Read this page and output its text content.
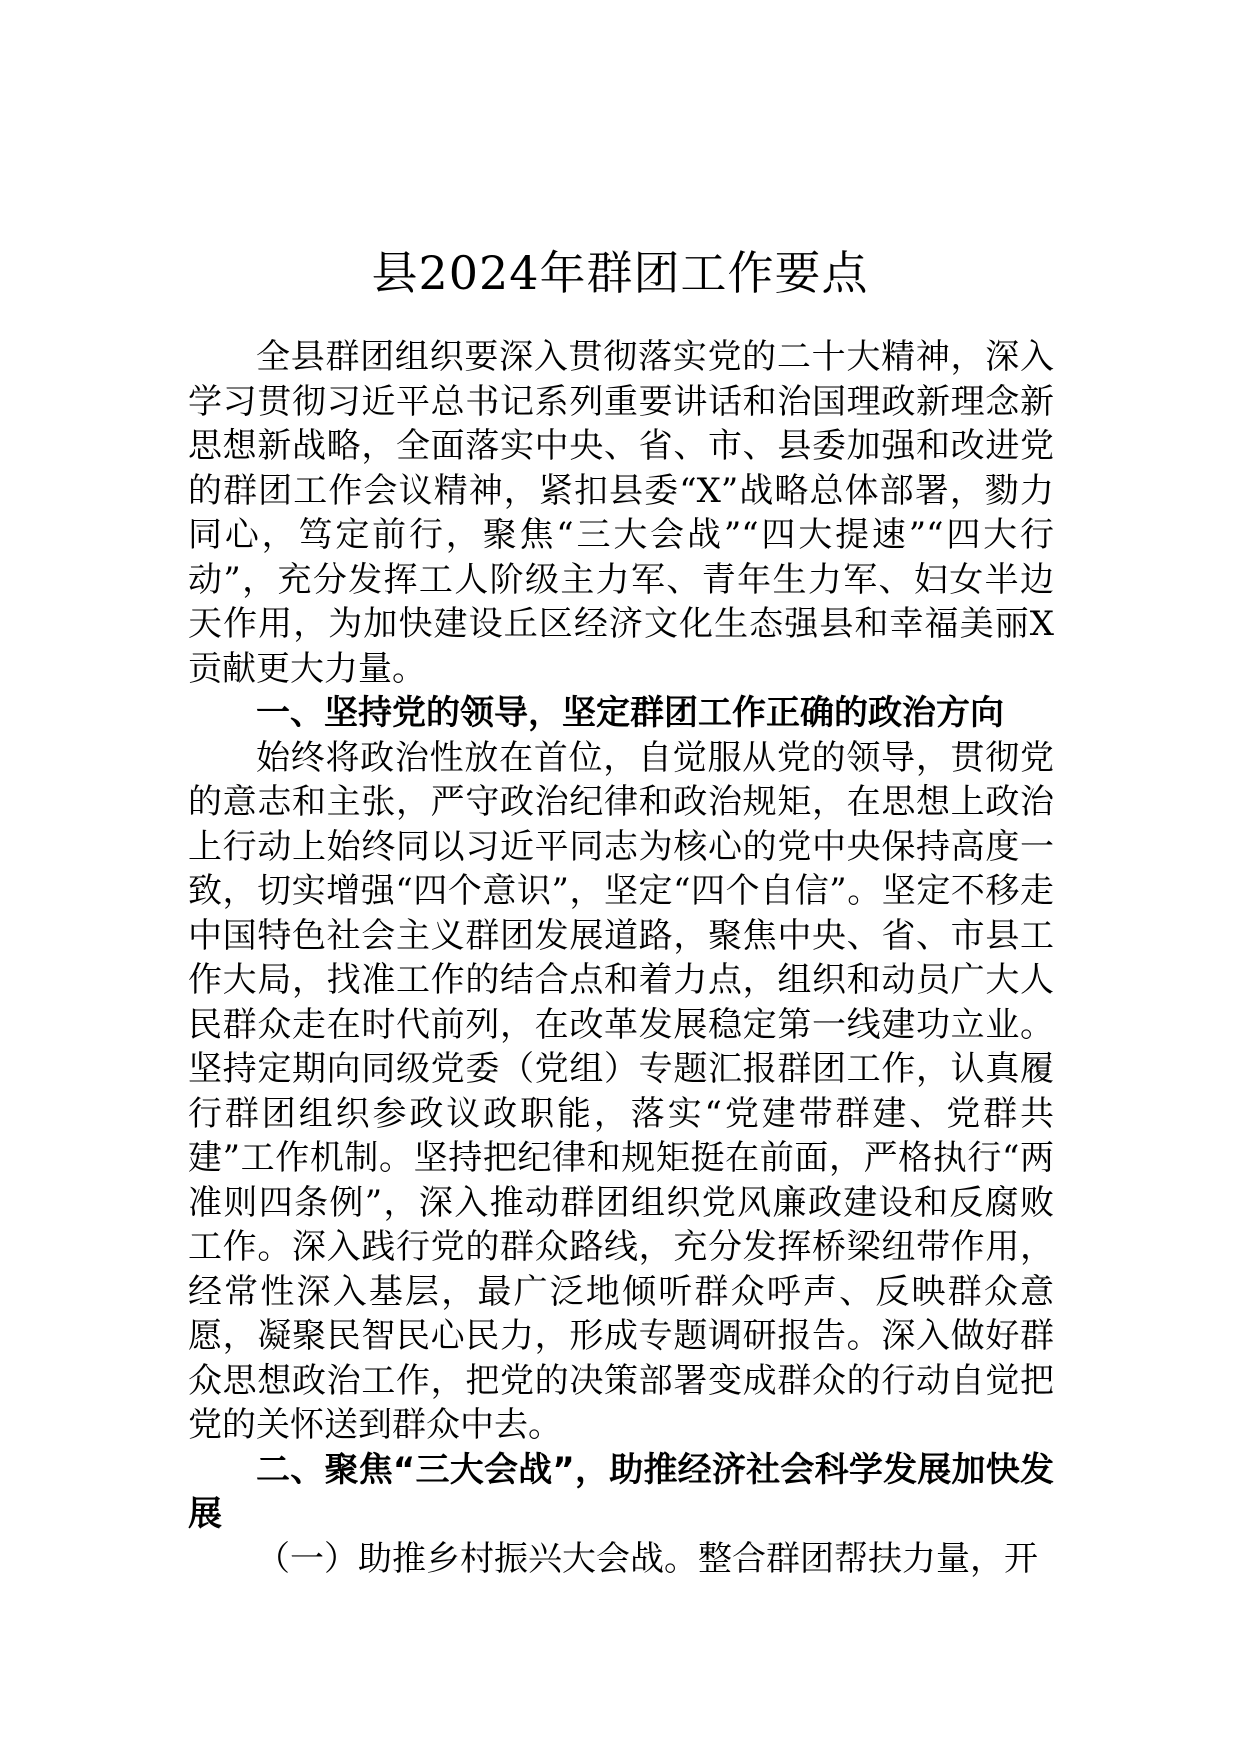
县2024年群团工作要点

全县群团组织要深入贯彻落实党的二十大精神，深入学习贯彻习近平总书记系列重要讲话和治国理政新理念新思想新战略，全面落实中央、省、市、县委加强和改进党的群团工作会议精神，紧扣县委“X”战略总体部署，勠力同心，笃定前行，聚焦“三大会战”“四大提速”“四大行动”，充分发挥工人阶级主力军、青年生力军、妇女半边天作用，为加快建设丘区经济文化生态强县和幸福美丽X贡献更大力量。

一、坚持党的领导，坚定群团工作正确的政治方向

始终将政治性放在首位，自觉服从党的领导，贯彻党的意志和主张，严守政治纪律和政治规矩，在思想上政治上行动上始终同以习近平同志为核心的党中央保持高度一致，切实增强“四个意识”，坚定“四个自信”。坚定不移走中国特色社会主义群团发展道路，聚焦中央、省、市县工作大局，找准工作的结合点和着力点，组织和动员广大人民群众走在时代前列，在改革发展稳定第一线建功立业。坚持定期向同级党委（党组）专题汇报群团工作，认真履行群团组织参政议政职能，落实“党建带群建、党群共建”工作机制。坚持把纪律和规矩挺在前面，严格执行“两准则四条例”，深入推动群团组织党风廉政建设和反腐败工作。深入践行党的群众路线，充分发挥桥梁纽带作用，经常性深入基层，最广泛地倾听群众呼声、反映群众意愿，凝聚民智民心民力，形成专题调研报告。深入做好群众思想政治工作，把党的决策部署变成群众的行动自觉把党的关怀送到群众中去。

二、聚焦“三大会战”，助推经济社会科学发展加快发展

（一）助推乡村振兴大会战。整合群团帮扶力量，开
